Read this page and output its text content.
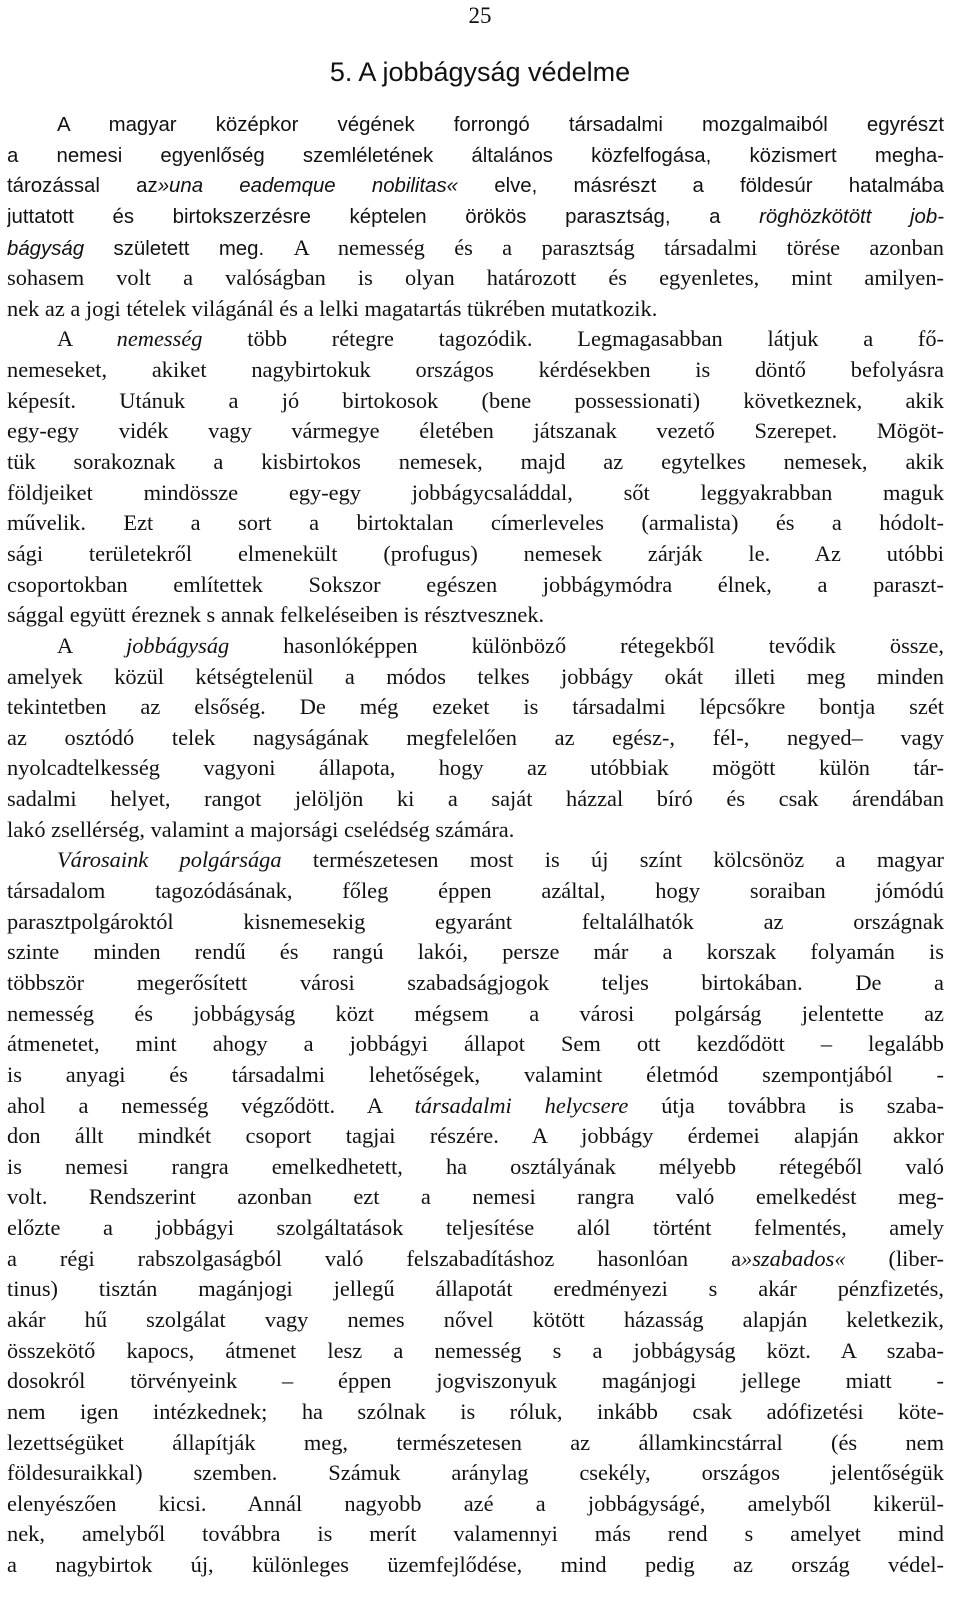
25
5. A jobbágyság védelme
A magyar középkor végének forrongó társadalmi mozgalmaiból egyrészt
a nemesi egyenlőség szemléletének általános közfelfogása, közismert megha-
tározással az»una eademque nobilitas« elve, másrészt a földesúr hatalmába
juttatott és birtokszerzésre képtelen örökös parasztság, a röghözkötött job-
bágyság született meg. A nemesség és a parasztság társadalmi törése azonban
sohasem volt a valóságban is olyan határozott és egyenletes, mint amilyen-
nek az a jogi tételek világánál és a lelki magatartás tükrében mutatkozik.
A nemesség több rétegre tagozódik. Legmagasabban látjuk a fő-
nemeseket, akiket nagybirtokuk országos kérdésekben is döntő befolyásra
képesít. Utánuk a jó birtokosok (bene possessionati) következnek, akik
egy-egy vidék vagy vármegye életében játszanak vezető Szerepet. Mögöt-
tük sorakoznak a kisbirtokos nemesek, majd az egytelkes nemesek, akik
földjeiket mindössze egy-egy jobbágycsaláddal, sőt leggyakrabban maguk
művelik. Ezt a sort a birtoktalan címerleveles (armalista) és a hódolt-
sági területekről elmenekült (profugus) nemesek zárják le. Az utóbbi
csoportokban említettek Sokszor egészen jobbágymódra élnek, a paraszt-
sággal együtt éreznek s annak felkeléseiben is résztvesznek.
A jobbágyság hasonlóképpen különböző rétegekből tevődik össze,
amelyek közül kétségtelenül a módos telkes jobbágy okát illeti meg minden
tekintetben az elsőség. De még ezeket is társadalmi lépcsőkre bontja szét
az osztódó telek nagyságának megfelelően az egész-, fél-, negyed– vagy
nyolcadtelkesség vagyoni állapota, hogy az utóbbiak mögött külön tár-
sadalmi helyet, rangot jelöljön ki a saját házzal bíró és csak árendában
lakó zsellérség, valamint a majorsági cselédség számára.
Városaink polgársága természetesen most is új színt kölcsönöz a magyar
társadalom tagozódásának, főleg éppen azáltal, hogy soraiban jómódú
parasztpolgároktól kisnemesekig egyaránt feltalálhatók az országnak
szinte minden rendű és rangú lakói, persze már a korszak folyamán is
többször megerősített városi szabadságjogok teljes birtokában. De a
nemesség és jobbágyság közt mégsem a városi polgárság jelentette az
átmenetet, mint ahogy a jobbágyi állapot Sem ott kezdődött – legalább
is anyagi és társadalmi lehetőségek, valamint életmód szempontjából -
ahol a nemesség végződött. A társadalmi helycsere útja továbbra is szaba-
don állt mindkét csoport tagjai részére. A jobbágy érdemei alapján akkor
is nemesi rangra emelkedhetett, ha osztályának mélyebb rétegéből való
volt. Rendszerint azonban ezt a nemesi rangra való emelkedést meg-
előzte a jobbágyi szolgáltatások teljesítése alól történt felmentés, amely
a régi rabszolgaságból való felszabadításhoz hasonlóan a»szabados« (liber-
tinus) tisztán magánjogi jellegű állapotát eredményezi s akár pénzfizetés,
akár hű szolgálat vagy nemes nővel kötött házasság alapján keletkezik,
összekötő kapocs, átmenet lesz a nemesség s a jobbágyság közt. A szaba-
dosokról törvényeink – éppen jogviszonyuk magánjogi jellege miatt -
nem igen intézkednek; ha szólnak is róluk, inkább csak adófizetési köte-
lezettségüket állapítják meg, természetesen az államkincstárral (és nem
földesuraikkal) szemben. Számuk aránylag csekély, országos jelentőségük
elenyészően kicsi. Annál nagyobb azé a jobbágyságé, amelyből kikerül-
nek, amelyből továbbra is merít valamennyi más rend s amelyet mind
a nagybirtok új, különleges üzemfejlődése, mind pedig az ország védel-
